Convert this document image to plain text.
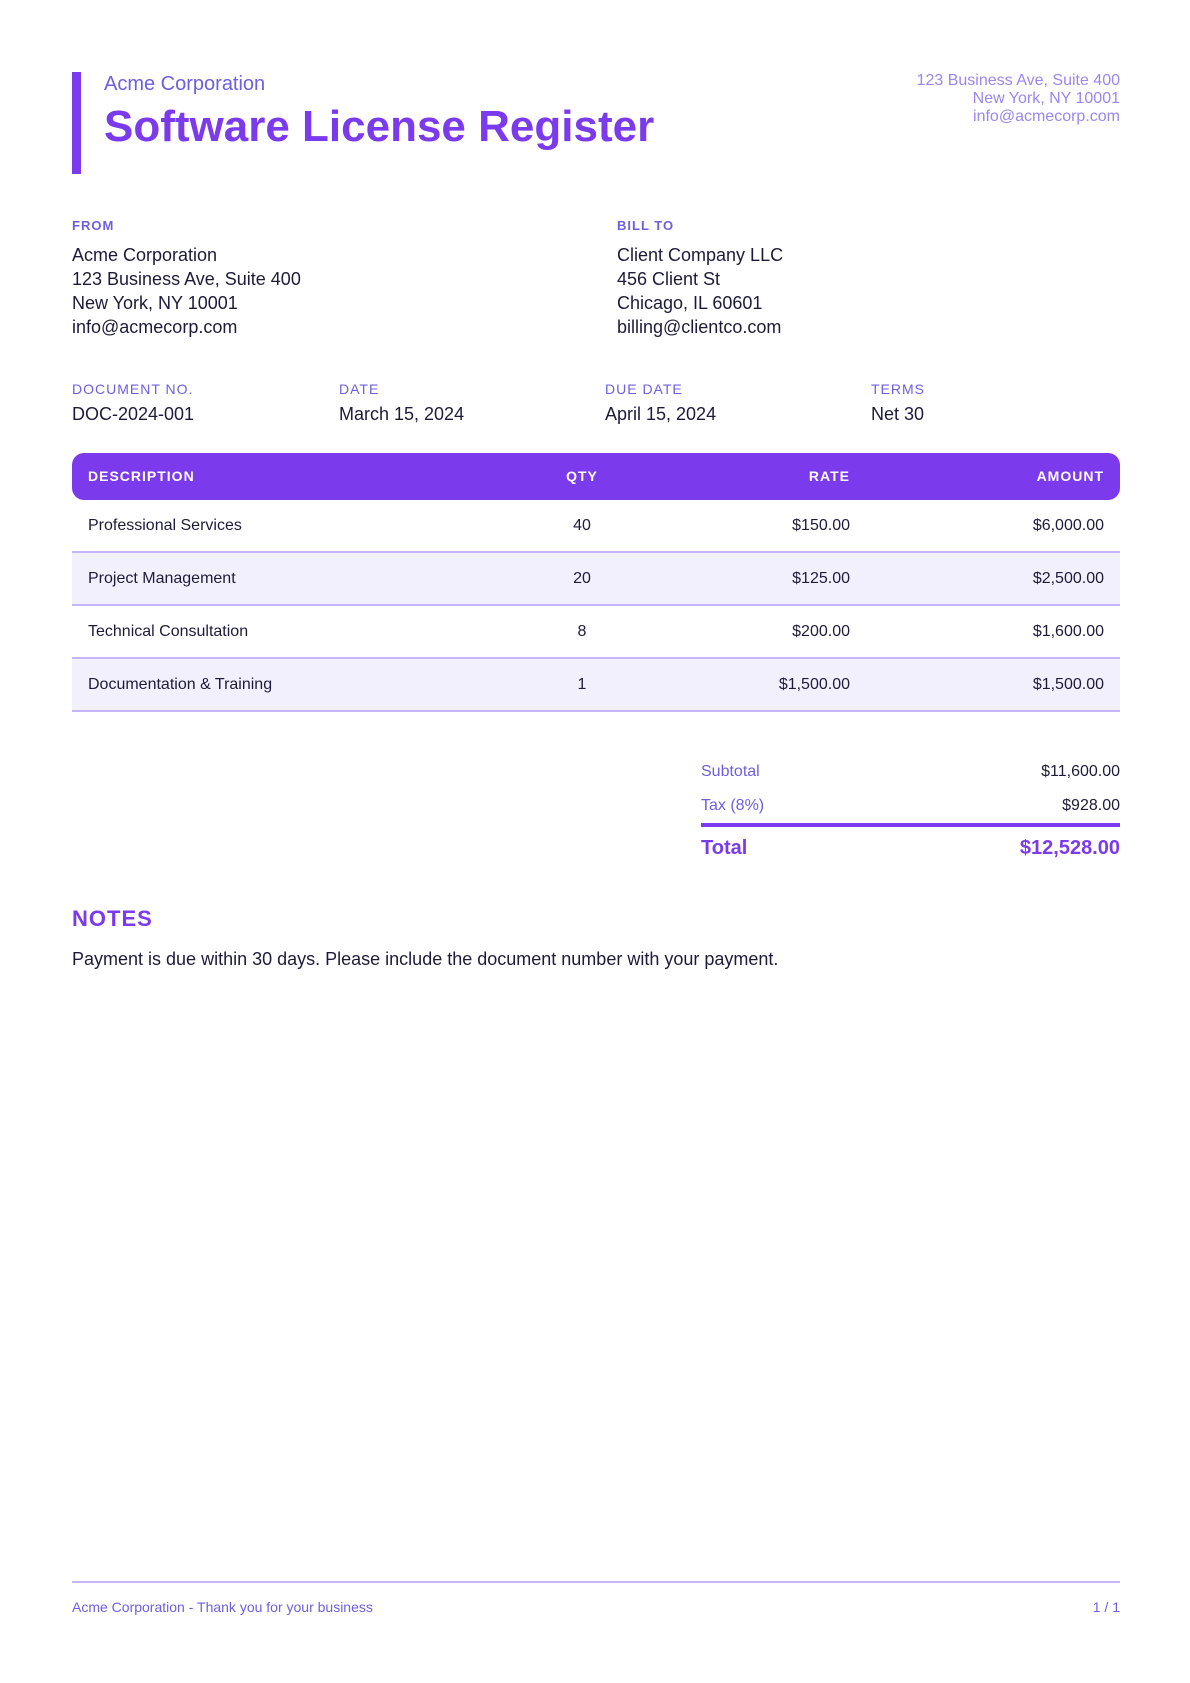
Acme Corporation
Software License Register
123 Business Ave, Suite 400
New York, NY 10001
info@acmecorp.com
FROM
Acme Corporation
123 Business Ave, Suite 400
New York, NY 10001
info@acmecorp.com
BILL TO
Client Company LLC
456 Client St
Chicago, IL 60601
billing@clientco.com
DOCUMENT NO.
DOC-2024-001
DATE
March 15, 2024
DUE DATE
April 15, 2024
TERMS
Net 30
DESCRIPTION	QTY	RATE	AMOUNT
Professional Services	40	$150.00	$6,000.00
Project Management	20	$125.00	$2,500.00
Technical Consultation	8	$200.00	$1,600.00
Documentation & Training	1	$1,500.00	$1,500.00
Subtotal	$11,600.00
Tax (8%)	$928.00
Total	$12,528.00
NOTES
Payment is due within 30 days. Please include the document number with your payment.
Acme Corporation - Thank you for your business	1 / 1
